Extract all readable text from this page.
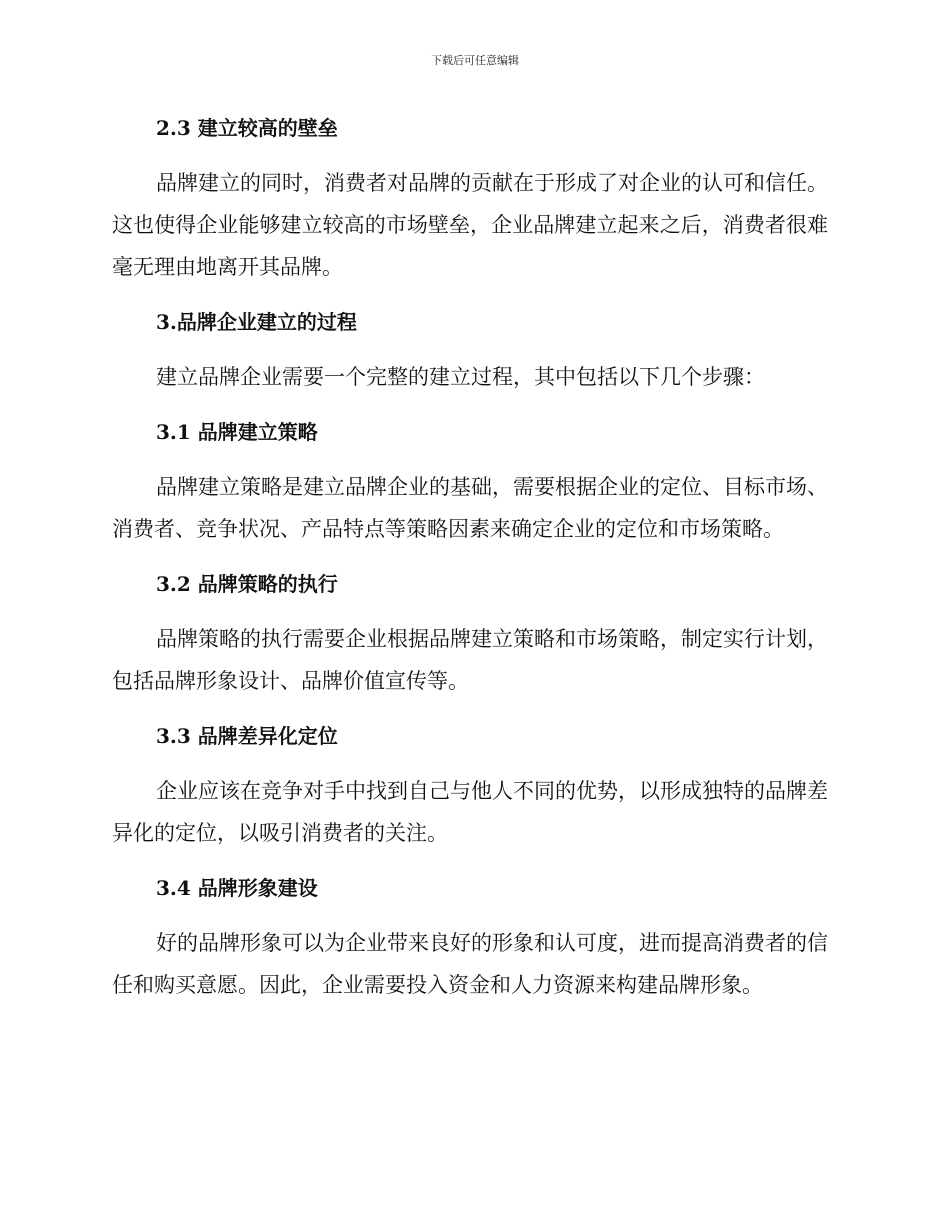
下载后可任意编辑
2.3 建立较高的壁垒

品牌建立的同时，消费者对品牌的贡献在于形成了对企业的认可和信任。这也使得企业能够建立较高的市场壁垒，企业品牌建立起来之后，消费者很难毫无理由地离开其品牌。

3.品牌企业建立的过程

建立品牌企业需要一个完整的建立过程，其中包括以下几个步骤：

3.1 品牌建立策略

品牌建立策略是建立品牌企业的基础，需要根据企业的定位、目标市场、消费者、竞争状况、产品特点等策略因素来确定企业的定位和市场策略。

3.2 品牌策略的执行

品牌策略的执行需要企业根据品牌建立策略和市场策略，制定实行计划，包括品牌形象设计、品牌价值宣传等。

3.3 品牌差异化定位

企业应该在竞争对手中找到自己与他人不同的优势，以形成独特的品牌差异化的定位，以吸引消费者的关注。

3.4 品牌形象建设

好的品牌形象可以为企业带来良好的形象和认可度，进而提高消费者的信任和购买意愿。因此，企业需要投入资金和人力资源来构建品牌形象。
